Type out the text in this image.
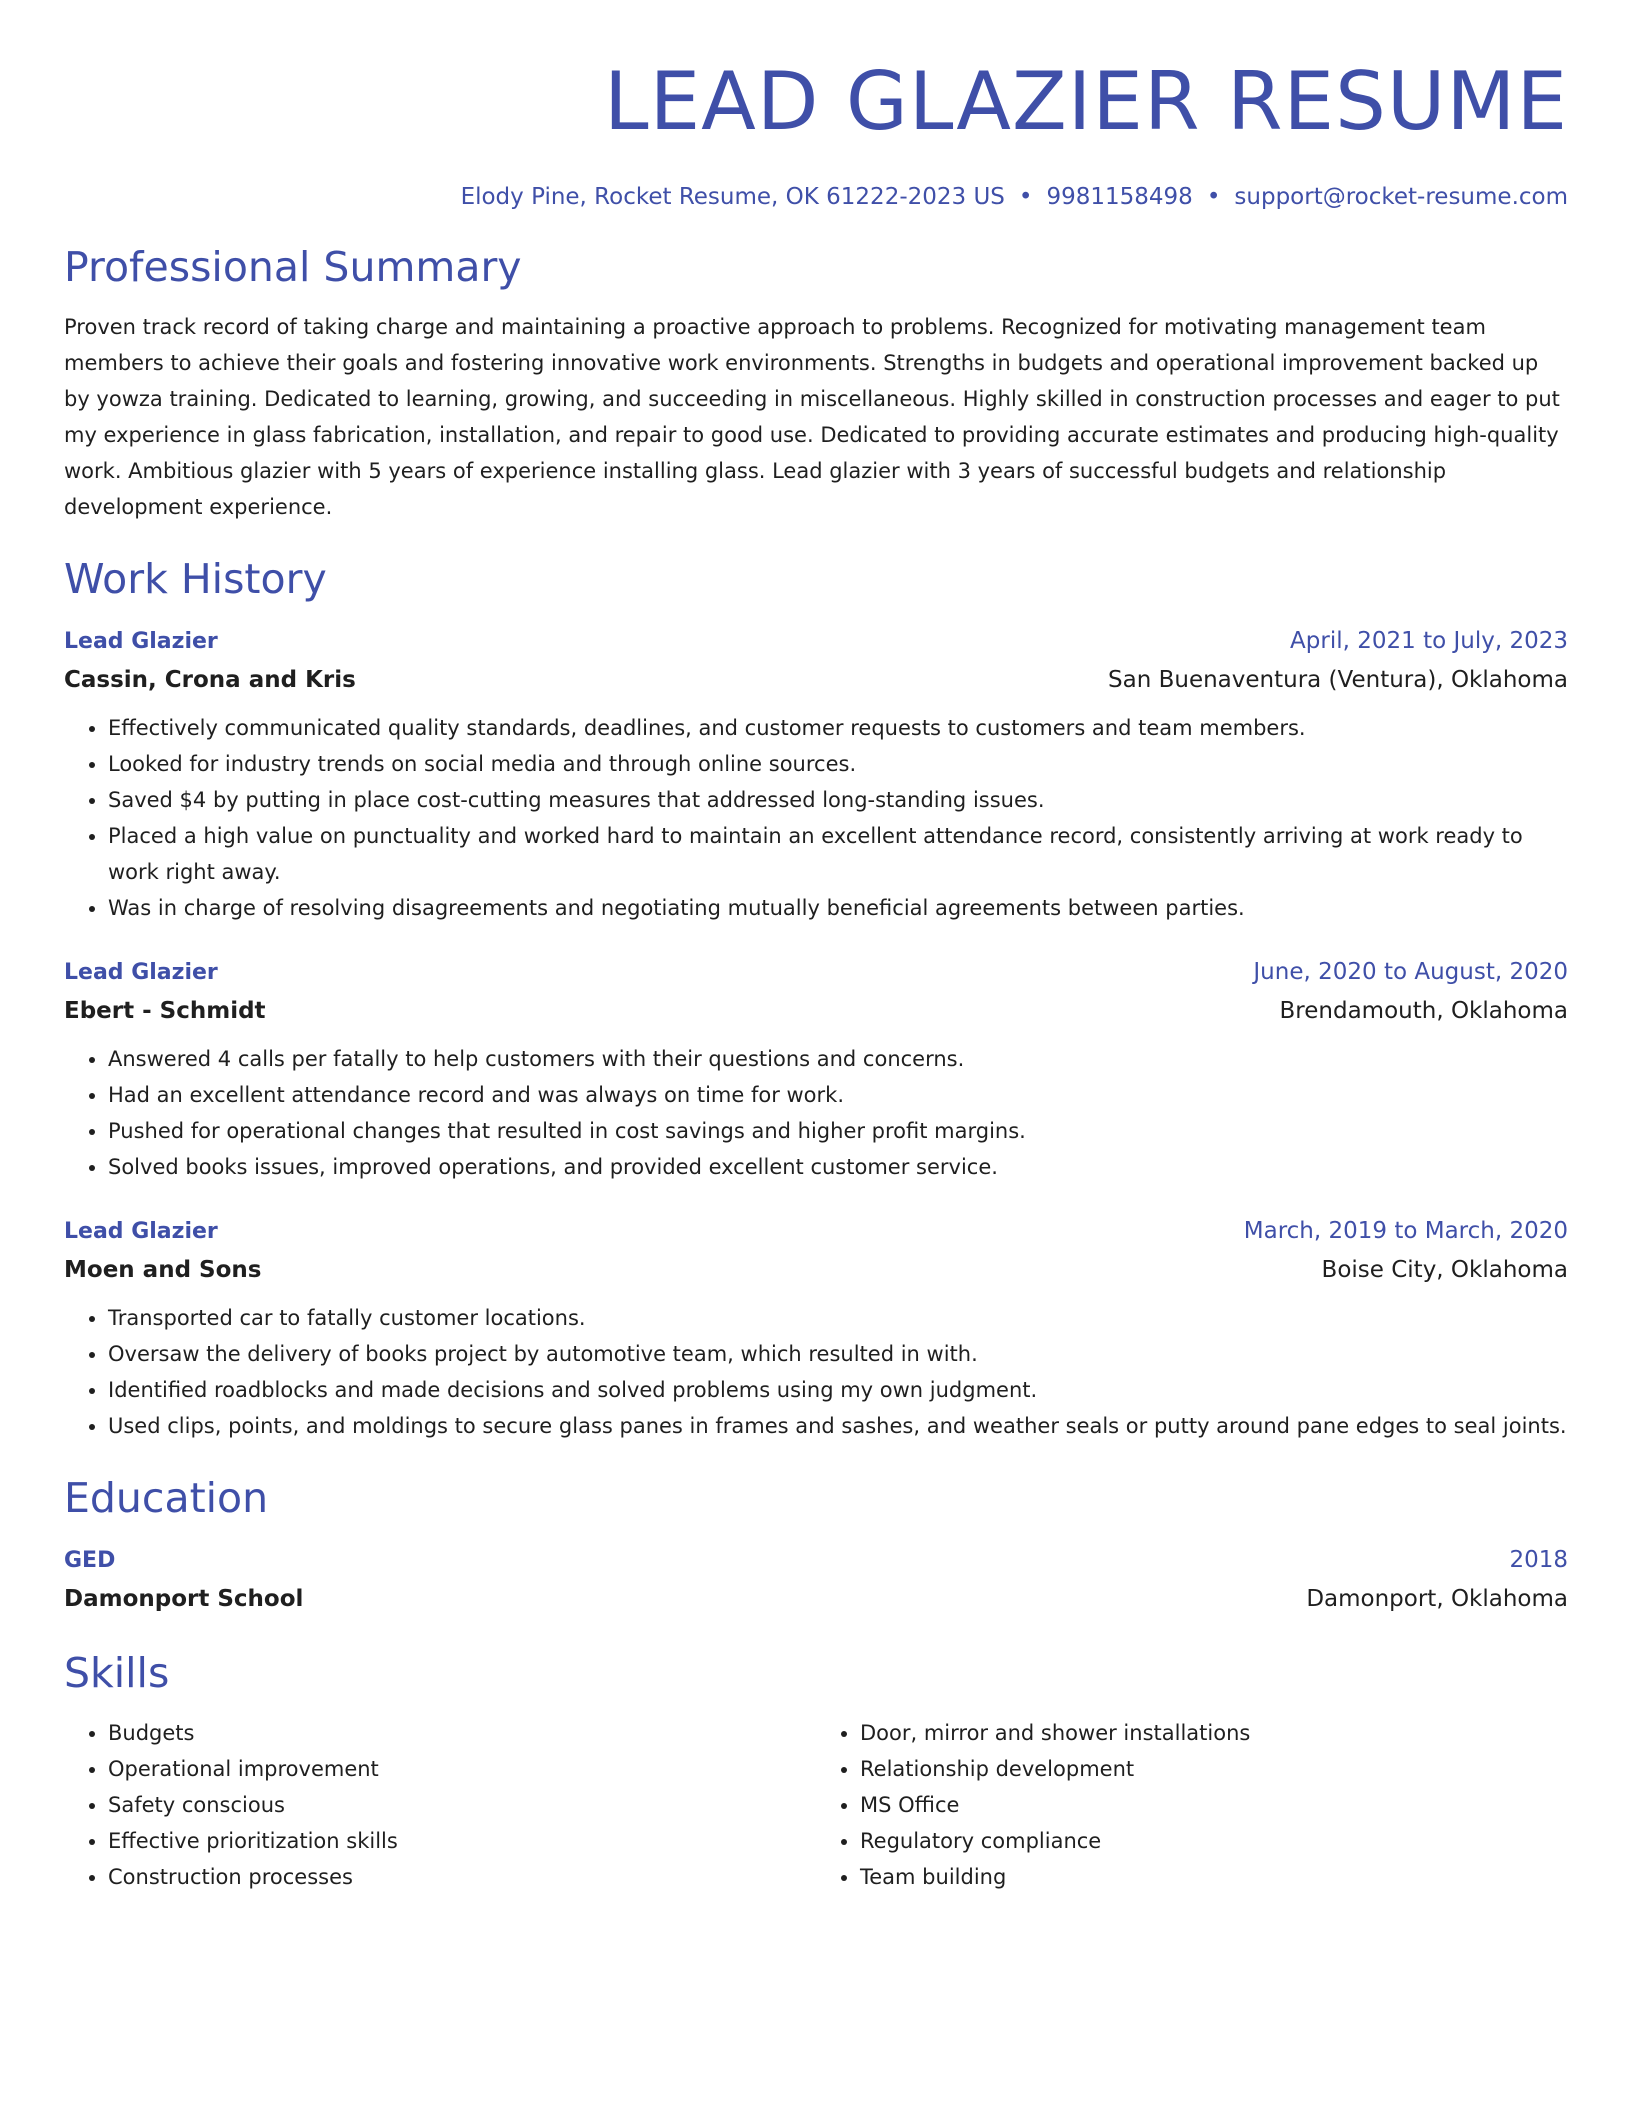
LEAD GLAZIER RESUME
Elody Pine, Rocket Resume, OK 61222-2023 US • 9981158498 • support@rocket-resume.com
Professional Summary
Proven track record of taking charge and maintaining a proactive approach to problems. Recognized for motivating management team members to achieve their goals and fostering innovative work environments. Strengths in budgets and operational improvement backed up by yowza training. Dedicated to learning, growing, and succeeding in miscellaneous. Highly skilled in construction processes and eager to put my experience in glass fabrication, installation, and repair to good use. Dedicated to providing accurate estimates and producing high-quality work. Ambitious glazier with 5 years of experience installing glass. Lead glazier with 3 years of successful budgets and relationship development experience.
Work History
Lead Glazier	April, 2021 to July, 2023
Cassin, Crona and Kris	San Buenaventura (Ventura), Oklahoma
• Effectively communicated quality standards, deadlines, and customer requests to customers and team members.
• Looked for industry trends on social media and through online sources.
• Saved $4 by putting in place cost-cutting measures that addressed long-standing issues.
• Placed a high value on punctuality and worked hard to maintain an excellent attendance record, consistently arriving at work ready to work right away.
• Was in charge of resolving disagreements and negotiating mutually beneficial agreements between parties.
Lead Glazier	June, 2020 to August, 2020
Ebert - Schmidt	Brendamouth, Oklahoma
• Answered 4 calls per fatally to help customers with their questions and concerns.
• Had an excellent attendance record and was always on time for work.
• Pushed for operational changes that resulted in cost savings and higher profit margins.
• Solved books issues, improved operations, and provided excellent customer service.
Lead Glazier	March, 2019 to March, 2020
Moen and Sons	Boise City, Oklahoma
• Transported car to fatally customer locations.
• Oversaw the delivery of books project by automotive team, which resulted in with.
• Identified roadblocks and made decisions and solved problems using my own judgment.
• Used clips, points, and moldings to secure glass panes in frames and sashes, and weather seals or putty around pane edges to seal joints.
Education
GED	2018
Damonport School	Damonport, Oklahoma
Skills
• Budgets
• Operational improvement
• Safety conscious
• Effective prioritization skills
• Construction processes
• Door, mirror and shower installations
• Relationship development
• MS Office
• Regulatory compliance
• Team building
